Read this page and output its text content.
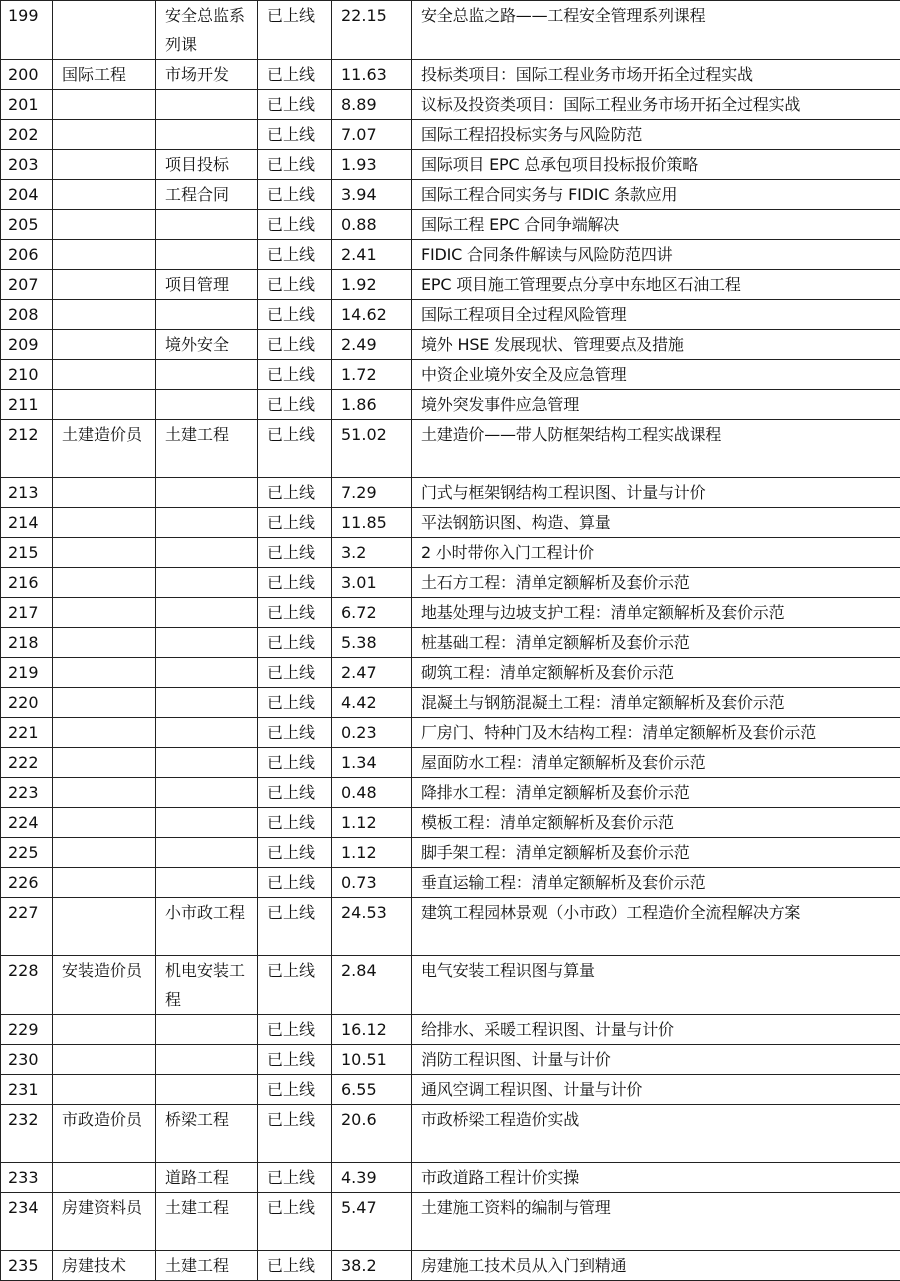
199		安全总监系列课	已上线	22.15	安全总监之路——工程安全管理系列课程
200	国际工程	市场开发	已上线	11.63	投标类项目：国际工程业务市场开拓全过程实战
201			已上线	8.89	议标及投资类项目：国际工程业务市场开拓全过程实战
202			已上线	7.07	国际工程招投标实务与风险防范
203		项目投标	已上线	1.93	国际项目 EPC 总承包项目投标报价策略
204		工程合同	已上线	3.94	国际工程合同实务与 FIDIC 条款应用
205			已上线	0.88	国际工程 EPC 合同争端解决
206			已上线	2.41	FIDIC 合同条件解读与风险防范四讲
207		项目管理	已上线	1.92	EPC 项目施工管理要点分享中东地区石油工程
208			已上线	14.62	国际工程项目全过程风险管理
209		境外安全	已上线	2.49	境外 HSE 发展现状、管理要点及措施
210			已上线	1.72	中资企业境外安全及应急管理
211			已上线	1.86	境外突发事件应急管理
212	土建造价员	土建工程	已上线	51.02	土建造价——带人防框架结构工程实战课程
213			已上线	7.29	门式与框架钢结构工程识图、计量与计价
214			已上线	11.85	平法钢筋识图、构造、算量
215			已上线	3.2	2 小时带你入门工程计价
216			已上线	3.01	土石方工程：清单定额解析及套价示范
217			已上线	6.72	地基处理与边坡支护工程：清单定额解析及套价示范
218			已上线	5.38	桩基础工程：清单定额解析及套价示范
219			已上线	2.47	砌筑工程：清单定额解析及套价示范
220			已上线	4.42	混凝土与钢筋混凝土工程：清单定额解析及套价示范
221			已上线	0.23	厂房门、特种门及木结构工程：清单定额解析及套价示范
222			已上线	1.34	屋面防水工程：清单定额解析及套价示范
223			已上线	0.48	降排水工程：清单定额解析及套价示范
224			已上线	1.12	模板工程：清单定额解析及套价示范
225			已上线	1.12	脚手架工程：清单定额解析及套价示范
226			已上线	0.73	垂直运输工程：清单定额解析及套价示范
227		小市政工程	已上线	24.53	建筑工程园林景观（小市政）工程造价全流程解决方案
228	安装造价员	机电安装工程	已上线	2.84	电气安装工程识图与算量
229			已上线	16.12	给排水、采暖工程识图、计量与计价
230			已上线	10.51	消防工程识图、计量与计价
231			已上线	6.55	通风空调工程识图、计量与计价
232	市政造价员	桥梁工程	已上线	20.6	市政桥梁工程造价实战
233		道路工程	已上线	4.39	市政道路工程计价实操
234	房建资料员	土建工程	已上线	5.47	土建施工资料的编制与管理
235	房建技术	土建工程	已上线	38.2	房建施工技术员从入门到精通
